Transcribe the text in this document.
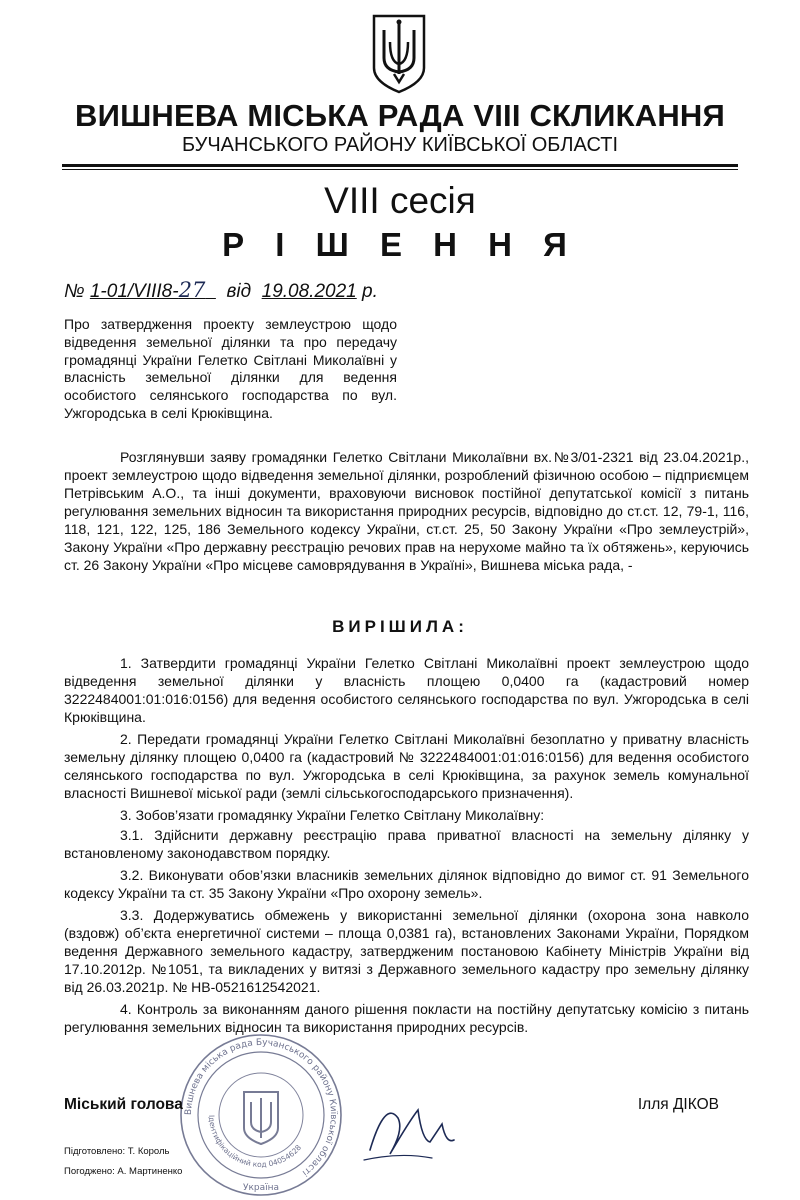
ВИШНЕВА МІСЬКА РАДА VIII СКЛИКАННЯ
БУЧАНСЬКОГО РАЙОНУ КИЇВСЬКОЇ ОБЛАСТІ
VIII сесія
Р І Ш Е Н Н Я
№ 1-01/VIII8-27 від 19.08.2021 р.
Про затвердження проекту землеустрою щодо відведення земельної ділянки та про передачу громадянці України Гелетко Світлані Миколаївні у власність земельної ділянки для ведення особистого селянського господарства по вул. Ужгородська в селі Крюківщина.
Розглянувши заяву громадянки Гелетко Світлани Миколаївни вх.№3/01-2321 від 23.04.2021р., проект землеустрою щодо відведення земельної ділянки, розроблений фізичною особою – підприємцем Петрівським А.О., та інші документи, враховуючи висновок постійної депутатської комісії з питань регулювання земельних відносин та використання природних ресурсів, відповідно до ст.ст. 12, 79-1, 116, 118, 121, 122, 125, 186 Земельного кодексу України, ст.ст. 25, 50 Закону України «Про землеустрій», Закону України «Про державну реєстрацію речових прав на нерухоме майно та їх обтяжень», керуючись ст. 26 Закону України «Про місцеве самоврядування в Україні», Вишнева міська рада, -
ВИРІШИЛА:

1. Затвердити громадянці України Гелетко Світлані Миколаївні проект землеустрою щодо відведення земельної ділянки у власність площею 0,0400 га (кадастровий номер 3222484001:01:016:0156) для ведення особистого селянського господарства по вул. Ужгородська в селі Крюківщина.

2. Передати громадянці України Гелетко Світлані Миколаївні безоплатно у приватну власність земельну ділянку площею 0,0400 га (кадастровий № 3222484001:01:016:0156) для ведення особистого селянського господарства по вул. Ужгородська в селі Крюківщина, за рахунок земель комунальної власності Вишневої міської ради (землі сільськогосподарського призначення).

3. Зобов’язати громадянку України Гелетко Світлану Миколаївну:

3.1. Здійснити державну реєстрацію права приватної власності на земельну ділянку у встановленому законодавством порядку.

3.2. Виконувати обов’язки власників земельних ділянок відповідно до вимог ст. 91 Земельного кодексу України та ст. 35 Закону України «Про охорону земель».

3.3. Додержуватись обмежень у використанні земельної ділянки (охорона зона навколо (вздовж) об’єкта енергетичної системи – площа 0,0381 га), встановлених Законами України, Порядком ведення Державного земельного кадастру, затвердженим постановою Кабінету Міністрів України від 17.10.2012р. №1051, та викладених у витязі з Державного земельного кадастру про земельну ділянку від 26.03.2021р. № НВ-0521612542021.

4. Контроль за виконанням даного рішення покласти на постійну депутатську комісію з питань регулювання земельних відносин та використання природних ресурсів.

Вишнева міська рада Бучанського району Київської області
Ідентифікаційний код 04054628
Україна
Міський голова	Ілля ДІКОВ
Підготовлено: Т. Король
Погоджено: А. Мартиненко
